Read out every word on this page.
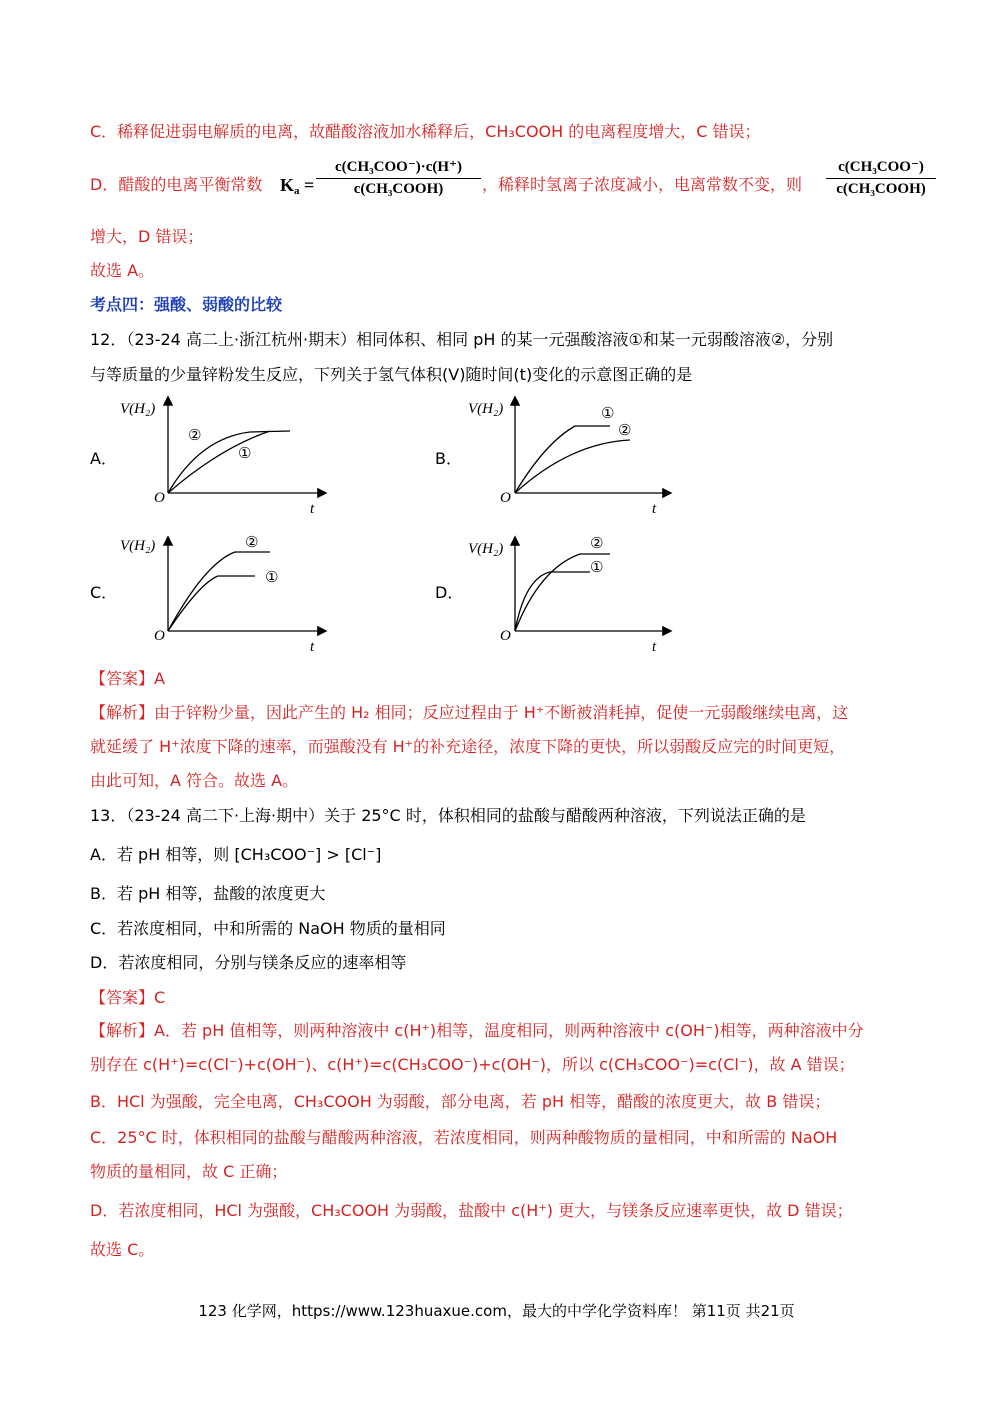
C．稀释促进弱电解质的电离，故醋酸溶液加水稀释后，CH₃COOH 的电离程度增大，C 错误；
D．醋酸的电离平衡常数 $K_a$ =
c(CH₃COO⁻)·c(H⁺)
c(CH₃COOH)	，稀释时氢离子浓度减小，电离常数不变，则
c(CH₃COO⁻)
c(CH₃COOH)
增大，D 错误；
故选 A。
考点四：强酸、弱酸的比较
12．（23-24 高二上·浙江杭州·期末）相同体积、相同 pH 的某一元强酸溶液①和某一元弱酸溶液②，分别
与等质量的少量锌粉发生反应，下列关于氢气体积(V)随时间(t)变化的示意图正确的是
A．	B．
C．	D．
V(H₂)
O
t
②
①
V(H₂)
O
t
①
②
V(H₂)
O
t
②
①
V(H₂)
O
t
②
①
【答案】A
【解析】由于锌粉少量，因此产生的 H₂ 相同；反应过程由于 H⁺不断被消耗掉，促使一元弱酸继续电离，这
就延缓了 H⁺浓度下降的速率，而强酸没有 H⁺的补充途径，浓度下降的更快，所以弱酸反应完的时间更短，
由此可知，A 符合。故选 A。
13．（23-24 高二下·上海·期中）关于 25°C 时，体积相同的盐酸与醋酸两种溶液，下列说法正确的是
A．若 pH 相等，则 [CH₃COO⁻] > [Cl⁻]
B．若 pH 相等，盐酸的浓度更大
C．若浓度相同，中和所需的 NaOH 物质的量相同
D．若浓度相同，分别与镁条反应的速率相等
【答案】C
【解析】A．若 pH 值相等，则两种溶液中 c(H⁺)相等，温度相同，则两种溶液中 c(OH⁻)相等，两种溶液中分
别存在 c(H⁺)=c(Cl⁻)+c(OH⁻)、c(H⁺)=c(CH₃COO⁻)+c(OH⁻)，所以 c(CH₃COO⁻)=c(Cl⁻)，故 A 错误；
B．HCl 为强酸，完全电离，CH₃COOH 为弱酸，部分电离，若 pH 相等，醋酸的浓度更大，故 B 错误；
C．25°C 时，体积相同的盐酸与醋酸两种溶液，若浓度相同，则两种酸物质的量相同，中和所需的 NaOH
物质的量相同，故 C 正确；
D．若浓度相同，HCl 为强酸，CH₃COOH 为弱酸，盐酸中 c(H⁺) 更大，与镁条反应速率更快，故 D 错误；
故选 C。
123 化学网，https://www.123huaxue.com，最大的中学化学资料库！ 第11页 共21页
